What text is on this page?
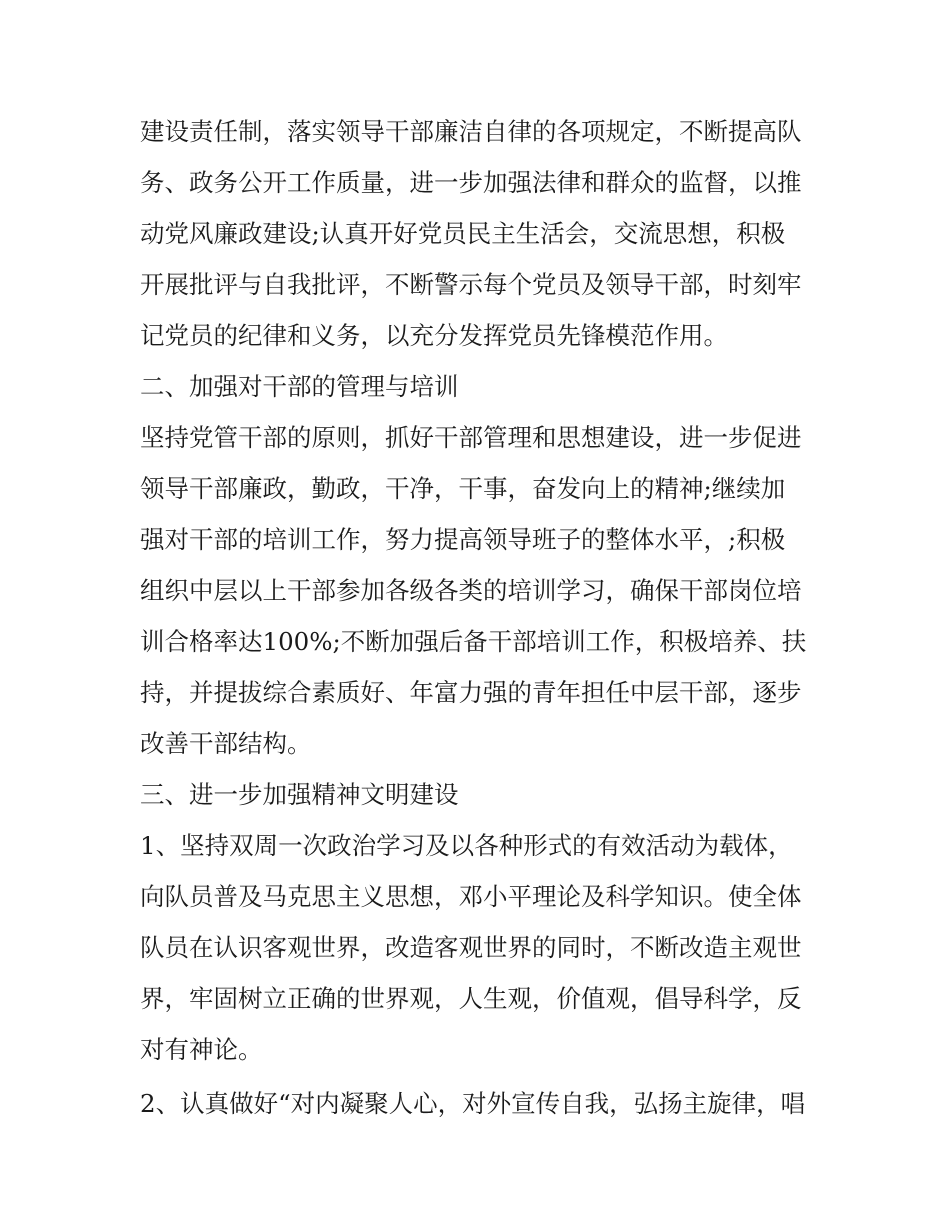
建设责任制，落实领导干部廉洁自律的各项规定，不断提高队
务、政务公开工作质量，进一步加强法律和群众的监督，以推
动党风廉政建设;认真开好党员民主生活会，交流思想，积极
开展批评与自我批评，不断警示每个党员及领导干部，时刻牢
记党员的纪律和义务，以充分发挥党员先锋模范作用。
二、加强对干部的管理与培训
坚持党管干部的原则，抓好干部管理和思想建设，进一步促进
领导干部廉政，勤政，干净，干事，奋发向上的精神;继续加
强对干部的培训工作，努力提高领导班子的整体水平，;积极
组织中层以上干部参加各级各类的培训学习，确保干部岗位培
训合格率达100%;不断加强后备干部培训工作，积极培养、扶
持，并提拔综合素质好、年富力强的青年担任中层干部，逐步
改善干部结构。
三、进一步加强精神文明建设
1、坚持双周一次政治学习及以各种形式的有效活动为载体，
向队员普及马克思主义思想，邓小平理论及科学知识。使全体
队员在认识客观世界，改造客观世界的同时，不断改造主观世
界，牢固树立正确的世界观，人生观，价值观，倡导科学，反
对有神论。
2、认真做好“对内凝聚人心，对外宣传自我，弘扬主旋律，唱
